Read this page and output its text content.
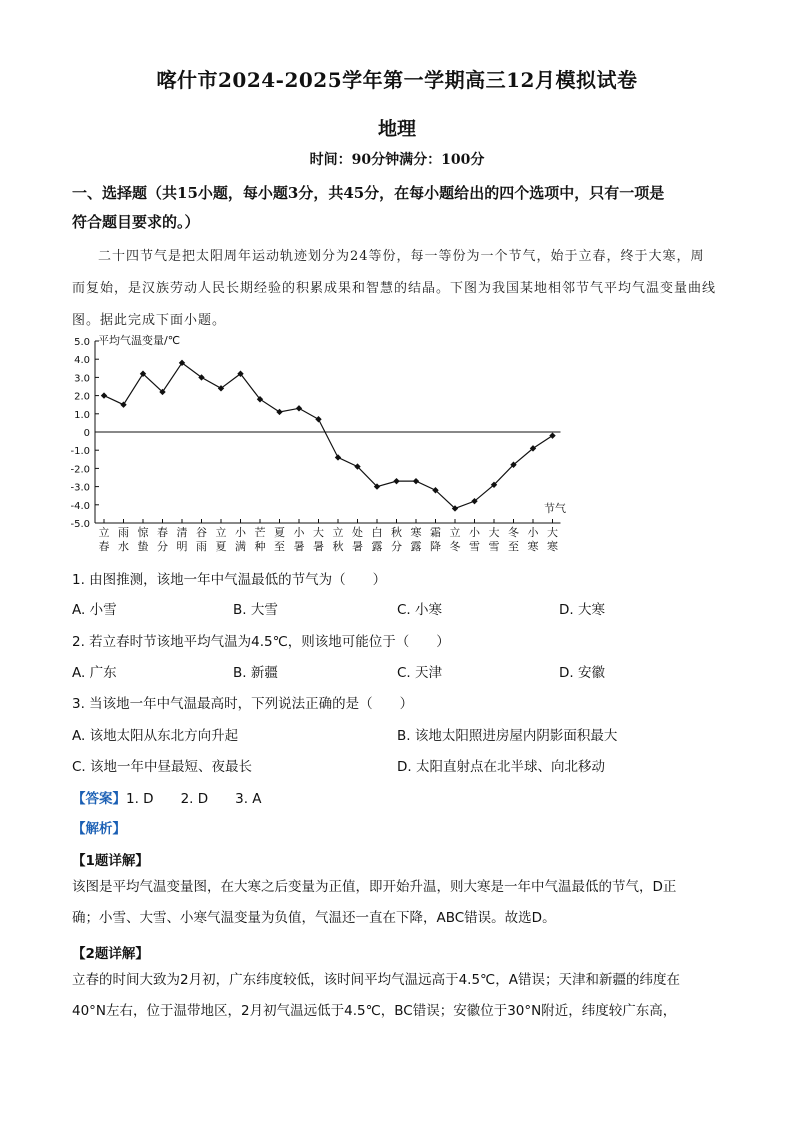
喀什市2024-2025学年第一学期高三12月模拟试卷
地理
时间：90分钟满分：100分
一、选择题（共15小题，每小题3分，共45分，在每小题给出的四个选项中，只有一项是
符合题目要求的。）
二十四节气是把太阳周年运动轨迹划分为24等份，每一等份为一个节气，始于立春，终于大寒，周
而复始，是汉族劳动人民长期经验的积累成果和智慧的结晶。下图为我国某地相邻节气平均气温变量曲线
图。据此完成下面小题。
5.0
4.0
3.0
2.0
1.0
0
-1.0
-2.0
-3.0
-4.0
-5.0
立
春
雨
水
惊
蛰
春
分
清
明
谷
雨
立
夏
小
满
芒
种
夏
至
小
暑
大
暑
立
秋
处
暑
白
露
秋
分
寒
露
霜
降
立
冬
小
雪
大
雪
冬
至
小
寒
大
寒
平均气温变量/℃
节气
1. 由图推测，该地一年中气温最低的节气为（　　）
A. 小雪	B. 大雪	C. 小寒	D. 大寒
2. 若立春时节该地平均气温为4.5℃，则该地可能位于（　　）
A. 广东	B. 新疆	C. 天津	D. 安徽
3. 当该地一年中气温最高时，下列说法正确的是（　　）
A. 该地太阳从东北方向升起	B. 该地太阳照进房屋内阴影面积最大
C. 该地一年中昼最短、夜最长	D. 太阳直射点在北半球、向北移动
【答案】1. D　　2. D　　3. A
【解析】
【1题详解】
该图是平均气温变量图，在大寒之后变量为正值，即开始升温，则大寒是一年中气温最低的节气，D正
确；小雪、大雪、小寒气温变量为负值，气温还一直在下降，ABC错误。故选D。
【2题详解】
立春的时间大致为2月初，广东纬度较低，该时间平均气温远高于4.5℃，A错误；天津和新疆的纬度在
40°N左右，位于温带地区，2月初气温远低于4.5℃，BC错误；安徽位于30°N附近，纬度较广东高，
